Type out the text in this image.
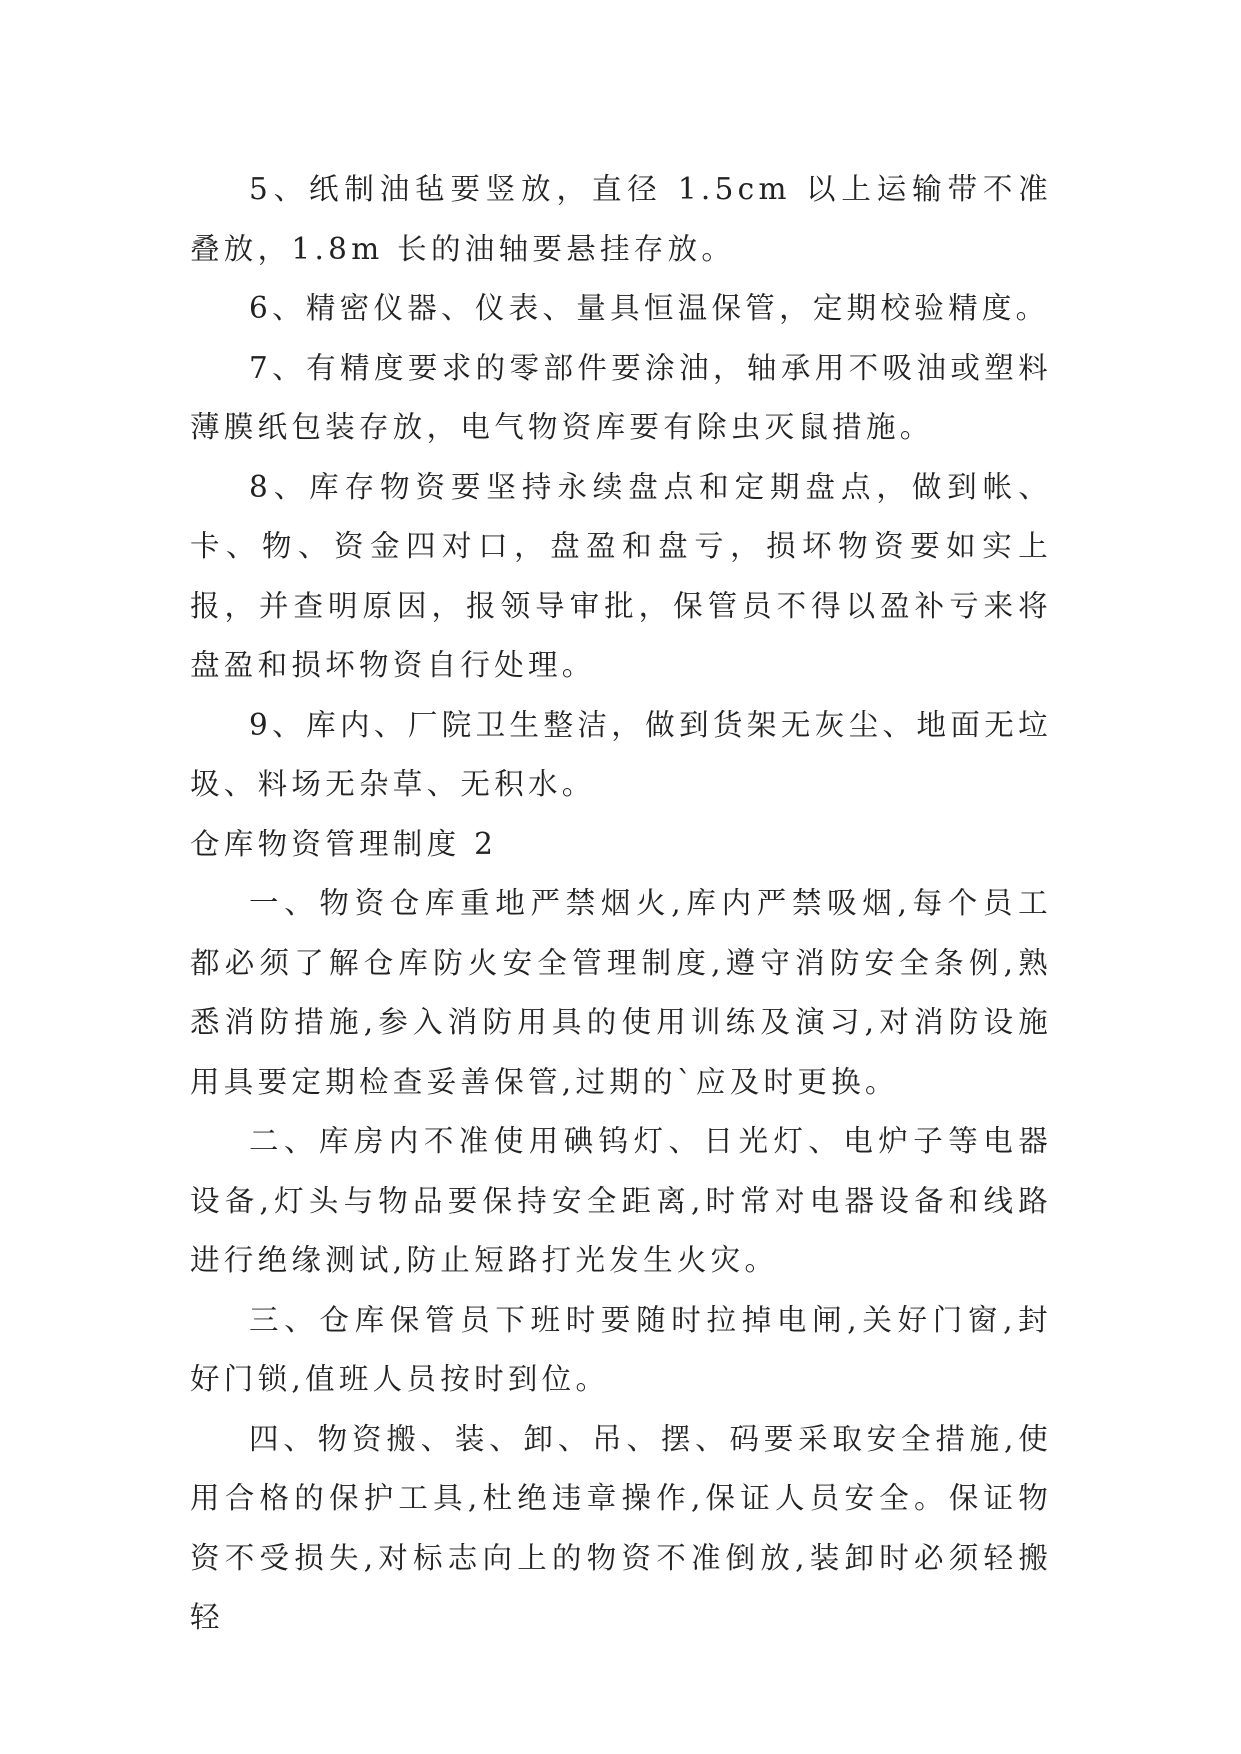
5、纸制油毡要竖放，直径 1.5cm 以上运输带不准叠放，1.8m 长的油轴要悬挂存放。

6、精密仪器、仪表、量具恒温保管，定期校验精度。

7、有精度要求的零部件要涂油，轴承用不吸油或塑料薄膜纸包装存放，电气物资库要有除虫灭鼠措施。

8、库存物资要坚持永续盘点和定期盘点，做到帐、卡、物、资金四对口，盘盈和盘亏，损坏物资要如实上报，并查明原因，报领导审批，保管员不得以盈补亏来将盘盈和损坏物资自行处理。

9、库内、厂院卫生整洁，做到货架无灰尘、地面无垃圾、料场无杂草、无积水。

仓库物资管理制度 2

一、物资仓库重地严禁烟火,库内严禁吸烟,每个员工都必须了解仓库防火安全管理制度,遵守消防安全条例,熟悉消防措施,参入消防用具的使用训练及演习,对消防设施用具要定期检查妥善保管,过期的`应及时更换。

二、库房内不准使用碘钨灯、日光灯、电炉子等电器设备,灯头与物品要保持安全距离,时常对电器设备和线路进行绝缘测试,防止短路打光发生火灾。

三、仓库保管员下班时要随时拉掉电闸,关好门窗,封好门锁,值班人员按时到位。

四、物资搬、装、卸、吊、摆、码要采取安全措施,使用合格的保护工具,杜绝违章操作,保证人员安全。保证物资不受损失,对标志向上的物资不准倒放,装卸时必须轻搬轻
